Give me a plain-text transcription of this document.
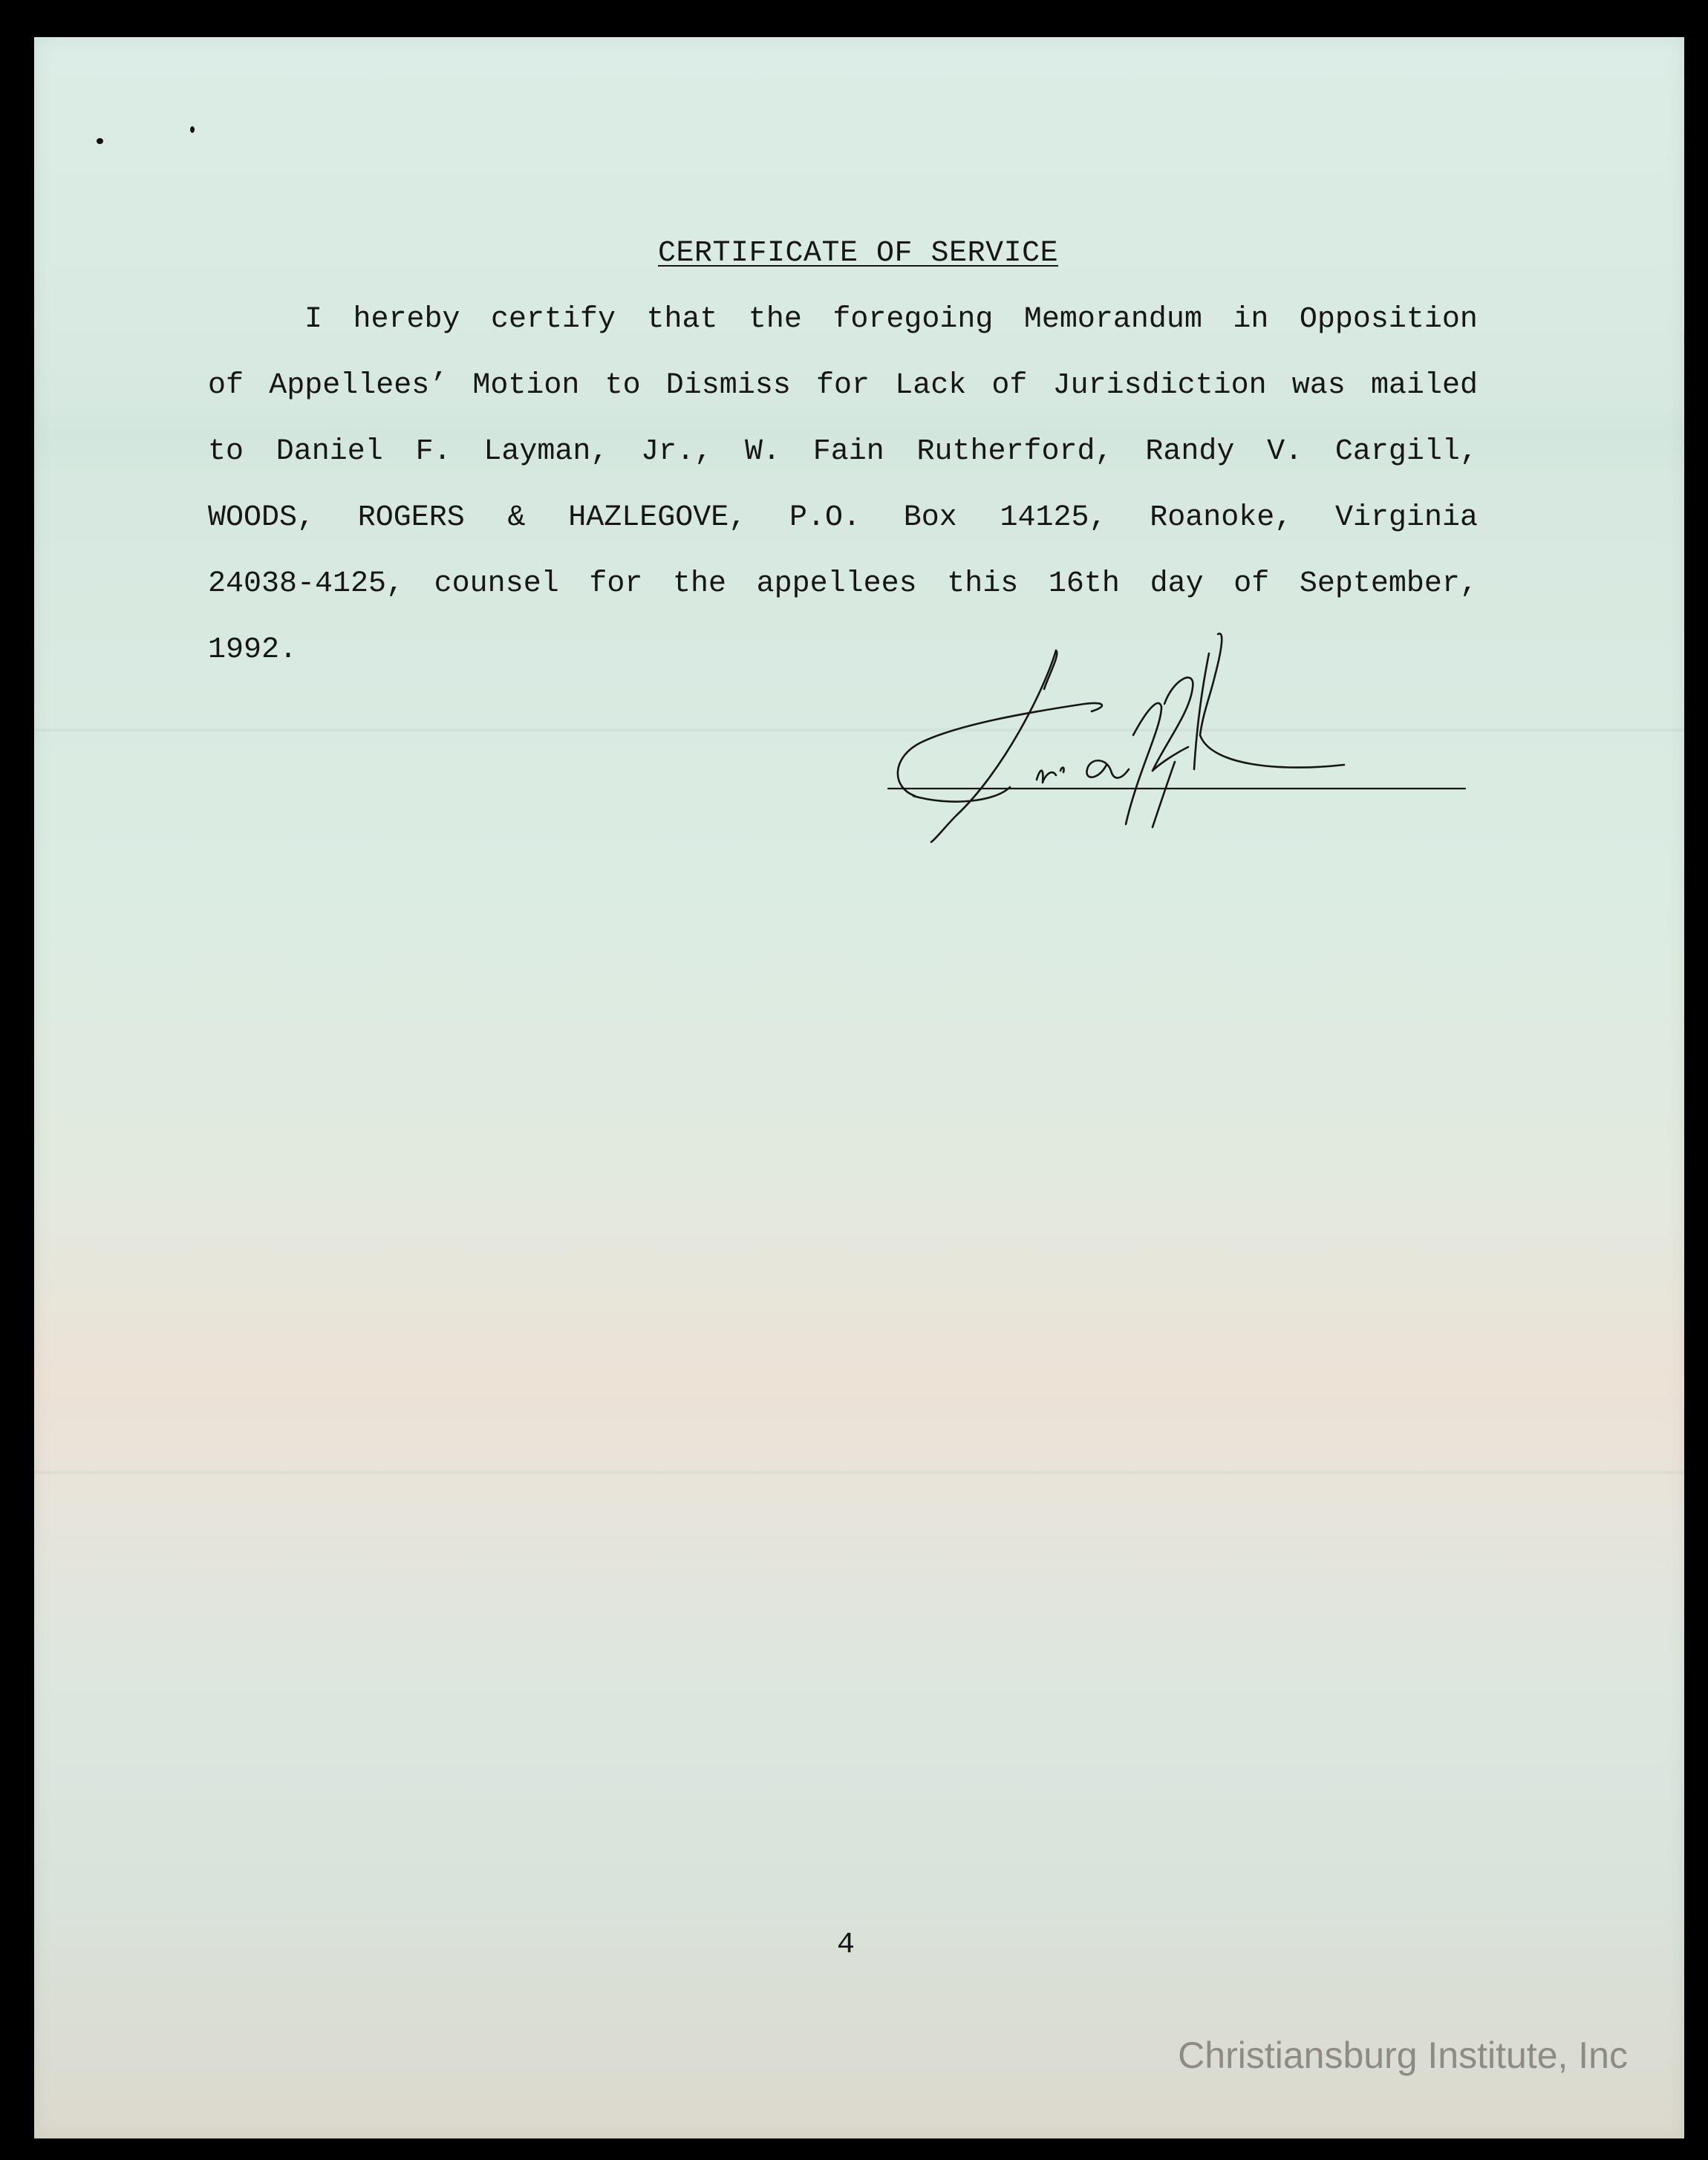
CERTIFICATE OF SERVICE
I hereby certify that the foregoing Memorandum in Opposition
of Appellees’ Motion to Dismiss for Lack of Jurisdiction was mailed
to Daniel F. Layman, Jr., W. Fain Rutherford, Randy V. Cargill,
WOODS, ROGERS & HAZLEGOVE, P.O. Box 14125, Roanoke, Virginia
24038-4125, counsel for the appellees this 16th day of September,
1992.
4
Christiansburg Institute, Inc
